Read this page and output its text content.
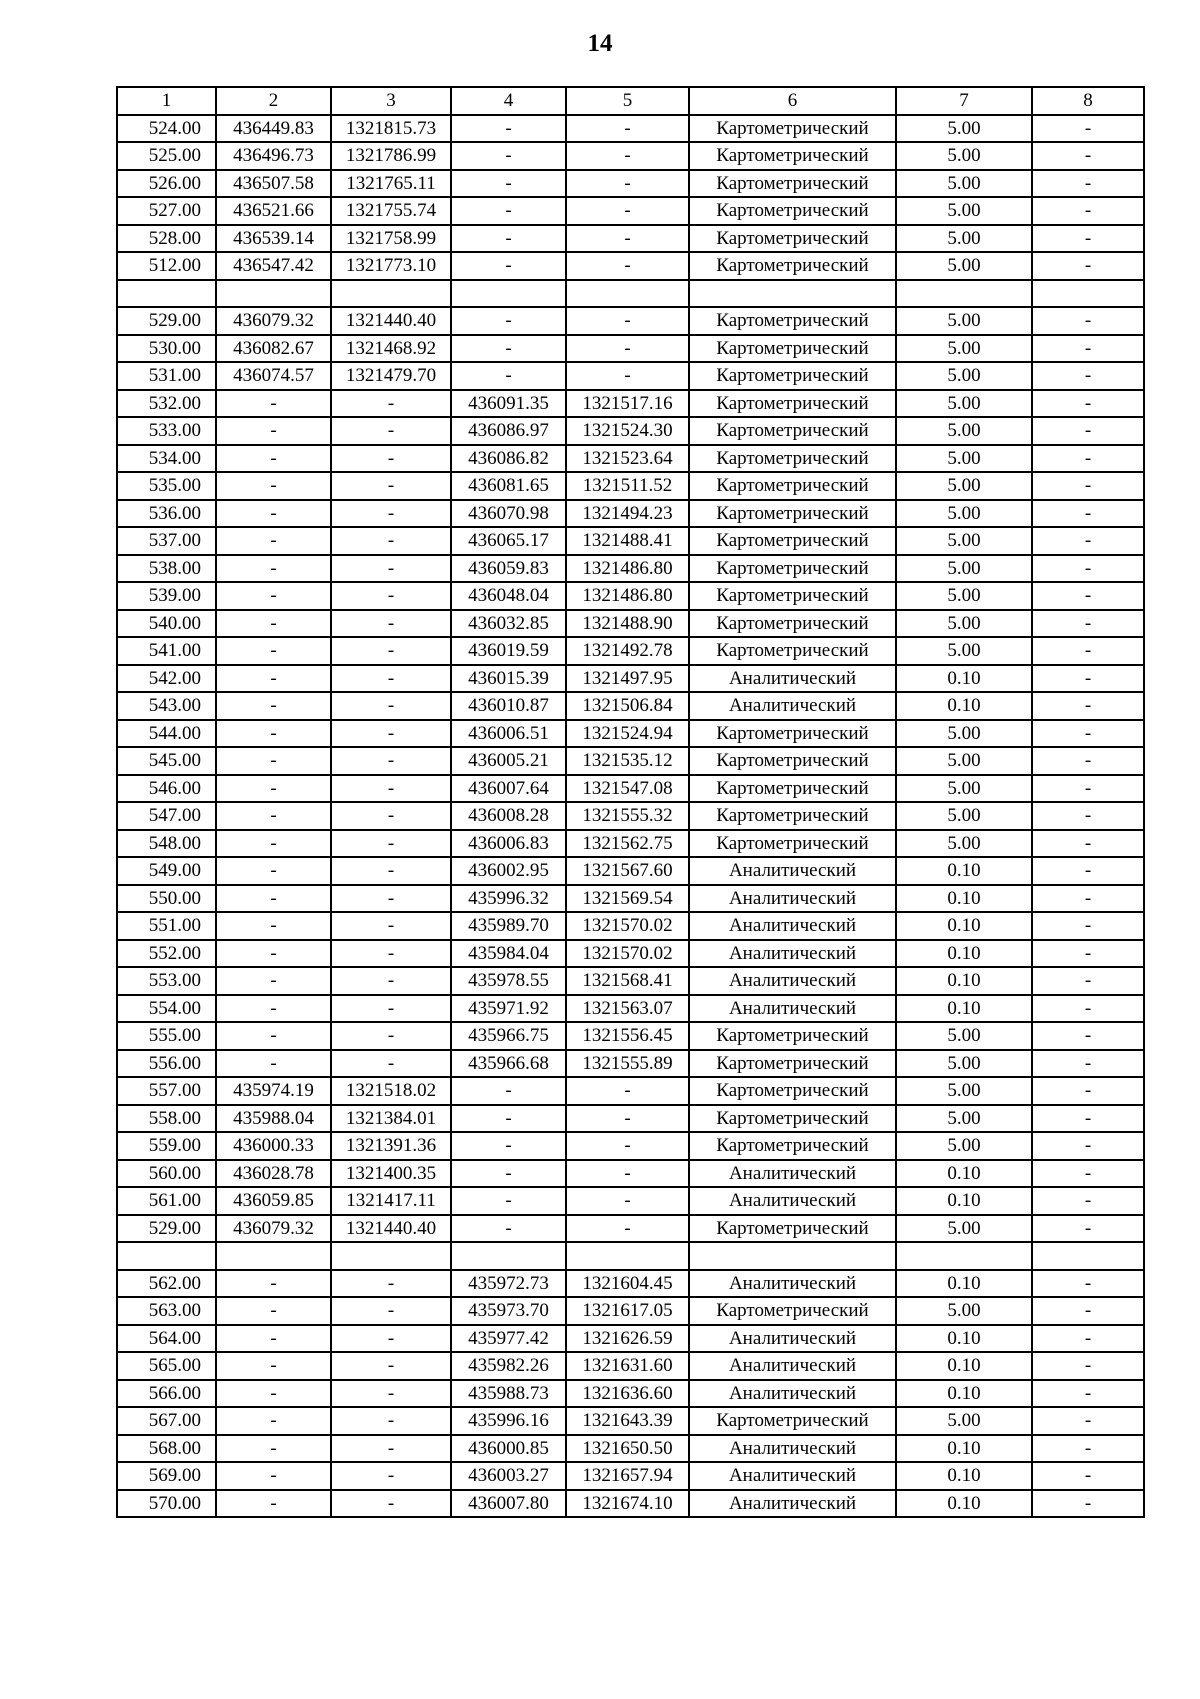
14
1	2	3	4	5	6	7	8
524.00	436449.83	1321815.73	-	-	Картометрический	5.00	-
525.00	436496.73	1321786.99	-	-	Картометрический	5.00	-
526.00	436507.58	1321765.11	-	-	Картометрический	5.00	-
527.00	436521.66	1321755.74	-	-	Картометрический	5.00	-
528.00	436539.14	1321758.99	-	-	Картометрический	5.00	-
512.00	436547.42	1321773.10	-	-	Картометрический	5.00	-

529.00	436079.32	1321440.40	-	-	Картометрический	5.00	-
530.00	436082.67	1321468.92	-	-	Картометрический	5.00	-
531.00	436074.57	1321479.70	-	-	Картометрический	5.00	-
532.00	-	-	436091.35	1321517.16	Картометрический	5.00	-
533.00	-	-	436086.97	1321524.30	Картометрический	5.00	-
534.00	-	-	436086.82	1321523.64	Картометрический	5.00	-
535.00	-	-	436081.65	1321511.52	Картометрический	5.00	-
536.00	-	-	436070.98	1321494.23	Картометрический	5.00	-
537.00	-	-	436065.17	1321488.41	Картометрический	5.00	-
538.00	-	-	436059.83	1321486.80	Картометрический	5.00	-
539.00	-	-	436048.04	1321486.80	Картометрический	5.00	-
540.00	-	-	436032.85	1321488.90	Картометрический	5.00	-
541.00	-	-	436019.59	1321492.78	Картометрический	5.00	-
542.00	-	-	436015.39	1321497.95	Аналитический	0.10	-
543.00	-	-	436010.87	1321506.84	Аналитический	0.10	-
544.00	-	-	436006.51	1321524.94	Картометрический	5.00	-
545.00	-	-	436005.21	1321535.12	Картометрический	5.00	-
546.00	-	-	436007.64	1321547.08	Картометрический	5.00	-
547.00	-	-	436008.28	1321555.32	Картометрический	5.00	-
548.00	-	-	436006.83	1321562.75	Картометрический	5.00	-
549.00	-	-	436002.95	1321567.60	Аналитический	0.10	-
550.00	-	-	435996.32	1321569.54	Аналитический	0.10	-
551.00	-	-	435989.70	1321570.02	Аналитический	0.10	-
552.00	-	-	435984.04	1321570.02	Аналитический	0.10	-
553.00	-	-	435978.55	1321568.41	Аналитический	0.10	-
554.00	-	-	435971.92	1321563.07	Аналитический	0.10	-
555.00	-	-	435966.75	1321556.45	Картометрический	5.00	-
556.00	-	-	435966.68	1321555.89	Картометрический	5.00	-
557.00	435974.19	1321518.02	-	-	Картометрический	5.00	-
558.00	435988.04	1321384.01	-	-	Картометрический	5.00	-
559.00	436000.33	1321391.36	-	-	Картометрический	5.00	-
560.00	436028.78	1321400.35	-	-	Аналитический	0.10	-
561.00	436059.85	1321417.11	-	-	Аналитический	0.10	-
529.00	436079.32	1321440.40	-	-	Картометрический	5.00	-

562.00	-	-	435972.73	1321604.45	Аналитический	0.10	-
563.00	-	-	435973.70	1321617.05	Картометрический	5.00	-
564.00	-	-	435977.42	1321626.59	Аналитический	0.10	-
565.00	-	-	435982.26	1321631.60	Аналитический	0.10	-
566.00	-	-	435988.73	1321636.60	Аналитический	0.10	-
567.00	-	-	435996.16	1321643.39	Картометрический	5.00	-
568.00	-	-	436000.85	1321650.50	Аналитический	0.10	-
569.00	-	-	436003.27	1321657.94	Аналитический	0.10	-
570.00	-	-	436007.80	1321674.10	Аналитический	0.10	-
